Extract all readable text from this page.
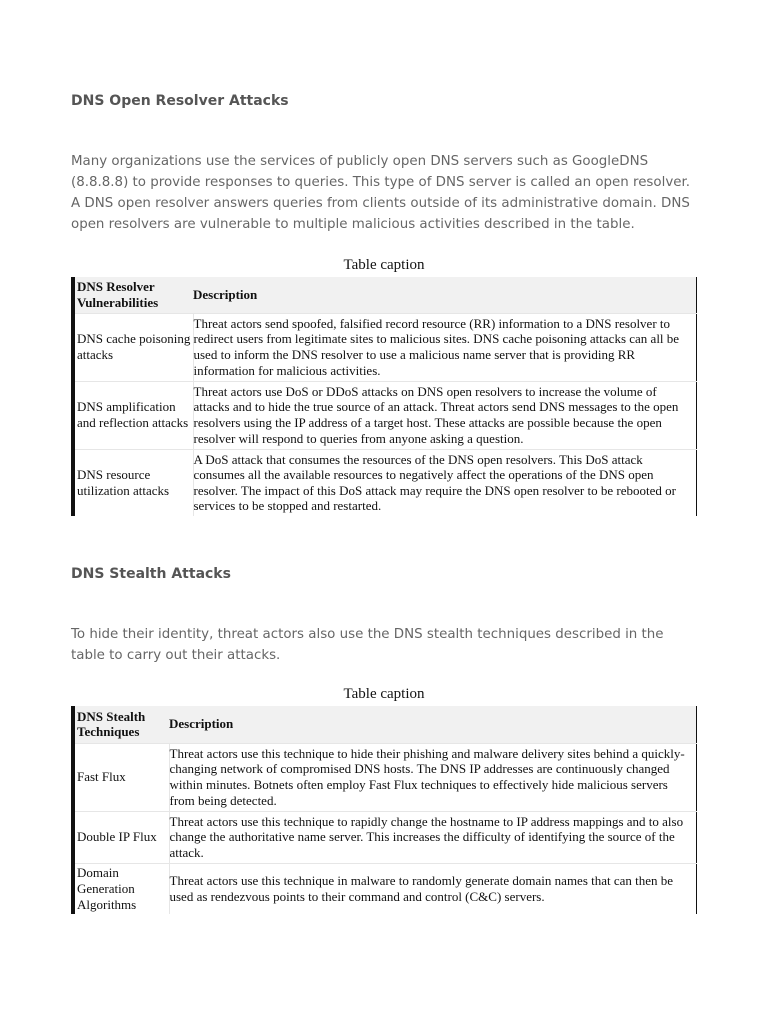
DNS Open Resolver Attacks

Many organizations use the services of publicly open DNS servers such as GoogleDNS (8.8.8.8) to provide responses to queries. This type of DNS server is called an open resolver. A DNS open resolver answers queries from clients outside of its administrative domain. DNS open resolvers are vulnerable to multiple malicious activities described in the table.

Table caption
DNS Resolver Vulnerabilities	Description
DNS cache poisoning attacks	Threat actors send spoofed, falsified record resource (RR) information to a DNS resolver to redirect users from legitimate sites to malicious sites. DNS cache poisoning attacks can all be used to inform the DNS resolver to use a malicious name server that is providing RR information for malicious activities.
DNS amplification and reflection attacks	Threat actors use DoS or DDoS attacks on DNS open resolvers to increase the volume of attacks and to hide the true source of an attack. Threat actors send DNS messages to the open resolvers using the IP address of a target host. These attacks are possible because the open resolver will respond to queries from anyone asking a question.
DNS resource utilization attacks	A DoS attack that consumes the resources of the DNS open resolvers. This DoS attack consumes all the available resources to negatively affect the operations of the DNS open resolver. The impact of this DoS attack may require the DNS open resolver to be rebooted or services to be stopped and restarted.
DNS Stealth Attacks

To hide their identity, threat actors also use the DNS stealth techniques described in the table to carry out their attacks.

Table caption
DNS Stealth Techniques	Description
Fast Flux	Threat actors use this technique to hide their phishing and malware delivery sites behind a quickly-changing network of compromised DNS hosts. The DNS IP addresses are continuously changed within minutes. Botnets often employ Fast Flux techniques to effectively hide malicious servers from being detected.
Double IP Flux	Threat actors use this technique to rapidly change the hostname to IP address mappings and to also change the authoritative name server. This increases the difficulty of identifying the source of the attack.
Domain Generation Algorithms	Threat actors use this technique in malware to randomly generate domain names that can then be used as rendezvous points to their command and control (C&C) servers.
